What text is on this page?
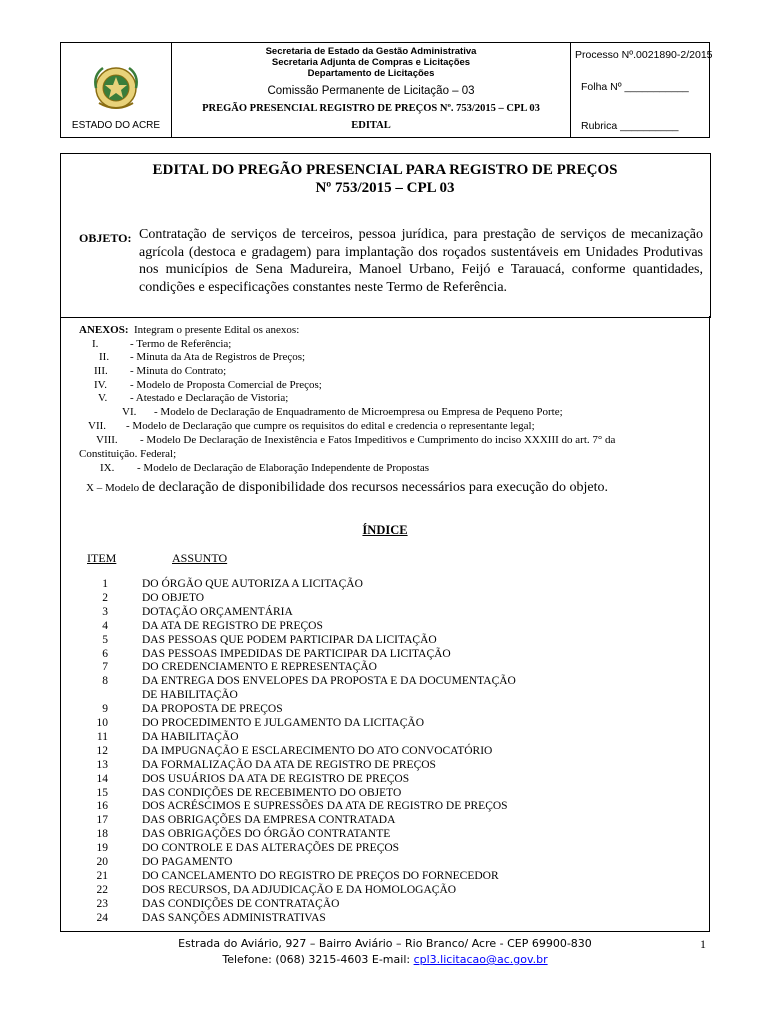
ESTADO DO ACRE
Secretaria de Estado da Gestão Administrativa
Secretaria Adjunta de Compras e Licitações
Departamento de Licitações
Comissão Permanente de Licitação – 03
PREGÃO PRESENCIAL REGISTRO DE PREÇOS Nº. 753/2015 – CPL 03
EDITAL
Processo Nº.0021890-2/2015
Folha Nº ___________
Rubrica __________
EDITAL DO PREGÃO PRESENCIAL PARA REGISTRO DE PREÇOS
Nº 753/2015 – CPL 03
OBJETO: Contratação de serviços de terceiros, pessoa jurídica, para prestação de serviços de mecanização agrícola (destoca e gradagem) para implantação dos roçados sustentáveis em Unidades Produtivas nos municípios de Sena Madureira, Manoel Urbano, Feijó e Tarauacá, conforme quantidades, condições e especificações constantes neste Termo de Referência.
ANEXOS: Integram o presente Edital os anexos:
I.	- Termo de Referência;
II. - Minuta da Ata de Registros de Preços;
III. - Minuta do Contrato;
IV. - Modelo de Proposta Comercial de Preços;
V. - Atestado e Declaração de Vistoria;
VI. - Modelo de Declaração de Enquadramento de Microempresa ou Empresa de Pequeno Porte;
VII. - Modelo de Declaração que cumpre os requisitos do edital e credencia o representante legal;
VIII. - Modelo De Declaração de Inexistência e Fatos Impeditivos e Cumprimento do inciso XXXIII do art. 7° da
Constituição. Federal;
IX. - Modelo de Declaração de Elaboração Independente de Propostas
X – Modelo de declaração de disponibilidade dos recursos necessários para execução do objeto.
ÍNDICE
ITEM	ASSUNTO
1	DO ÓRGÃO QUE AUTORIZA A LICITAÇÃO
2	DO OBJETO
3	DOTAÇÃO ORÇAMENTÁRIA
4	DA ATA DE REGISTRO DE PREÇOS
5	DAS PESSOAS QUE PODEM PARTICIPAR DA LICITAÇÃO
6	DAS PESSOAS IMPEDIDAS DE PARTICIPAR DA LICITAÇÃO
7	DO CREDENCIAMENTO E REPRESENTAÇÃO
8	DA ENTREGA DOS ENVELOPES DA PROPOSTA E DA DOCUMENTAÇÃO
DE HABILITAÇÃO
9	DA PROPOSTA DE PREÇOS
10	DO PROCEDIMENTO E JULGAMENTO DA LICITAÇÃO
11	DA HABILITAÇÃO
12	DA IMPUGNAÇÃO E ESCLARECIMENTO DO ATO CONVOCATÓRIO
13	DA FORMALIZAÇÃO DA ATA DE REGISTRO DE PREÇOS
14	DOS USUÁRIOS DA ATA DE REGISTRO DE PREÇOS
15	DAS CONDIÇÕES DE RECEBIMENTO DO OBJETO
16	DOS ACRÉSCIMOS E SUPRESSÕES DA ATA DE REGISTRO DE PREÇOS
17	DAS OBRIGAÇÕES DA EMPRESA CONTRATADA
18	DAS OBRIGAÇÕES DO ÓRGÃO CONTRATANTE
19	DO CONTROLE E DAS ALTERAÇÕES DE PREÇOS
20	DO PAGAMENTO
21	DO CANCELAMENTO DO REGISTRO DE PREÇOS DO FORNECEDOR
22	DOS RECURSOS, DA ADJUDICAÇÃO E DA HOMOLOGAÇÃO
23	DAS CONDIÇÕES DE CONTRATAÇÃO
24	DAS SANÇÕES ADMINISTRATIVAS
Estrada do Aviário, 927 – Bairro Aviário – Rio Branco/ Acre - CEP 69900-830	1
Telefone: (068) 3215-4603 E-mail: cpl3.licitacao@ac.gov.br
